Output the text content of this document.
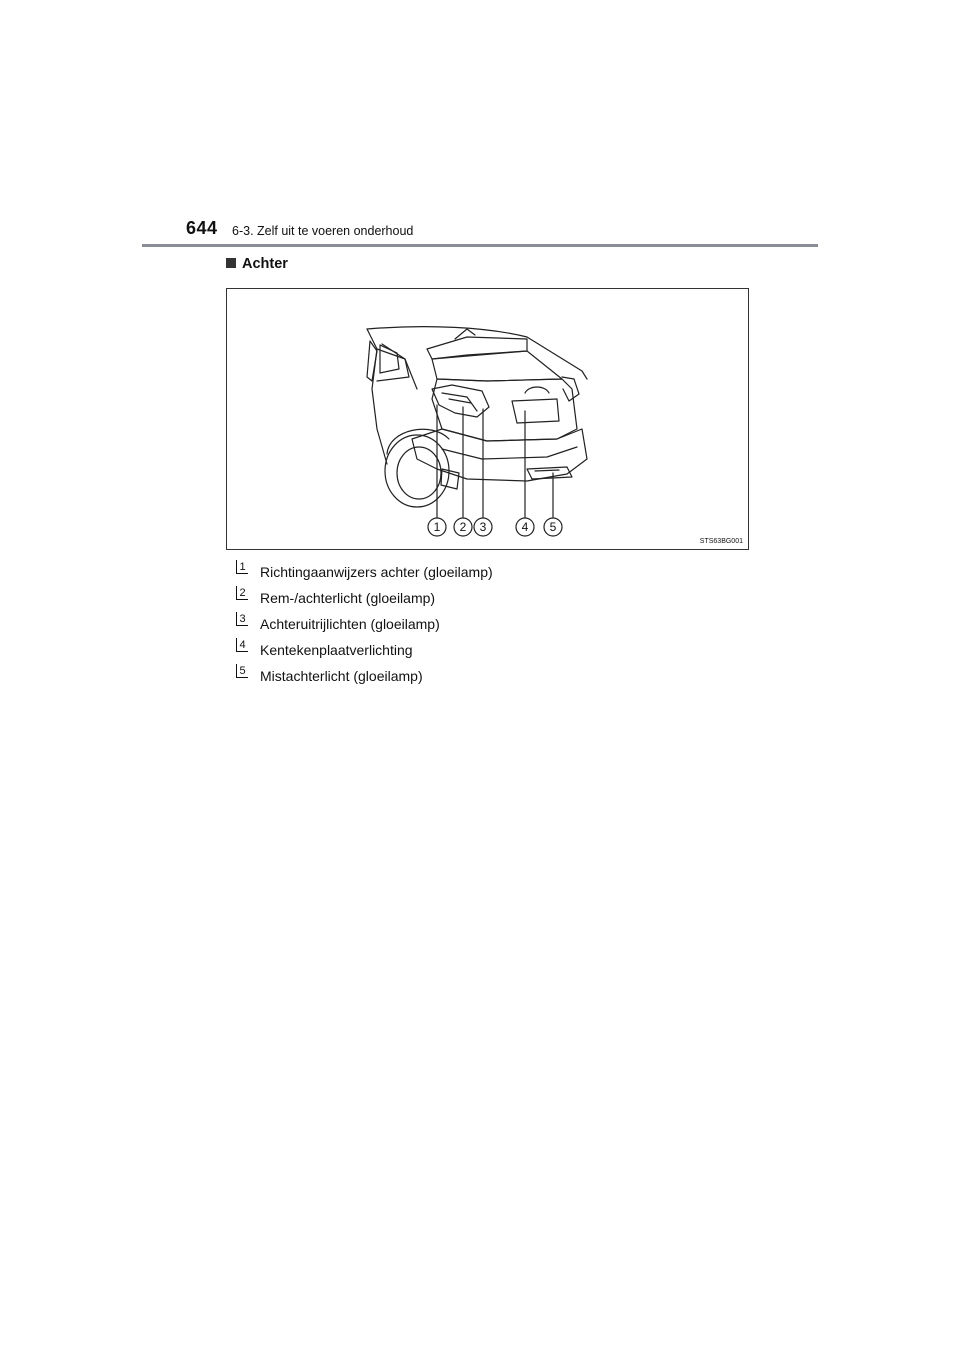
644 6-3. Zelf uit te voeren onderhoud
Achter
1 2 3	4 5
STS63BG001
1 Richtingaanwijzers achter (gloeilamp)
2 Rem-/achterlicht (gloeilamp)
3 Achteruitrijlichten (gloeilamp)
4 Kentekenplaatverlichting
5 Mistachterlicht (gloeilamp)
